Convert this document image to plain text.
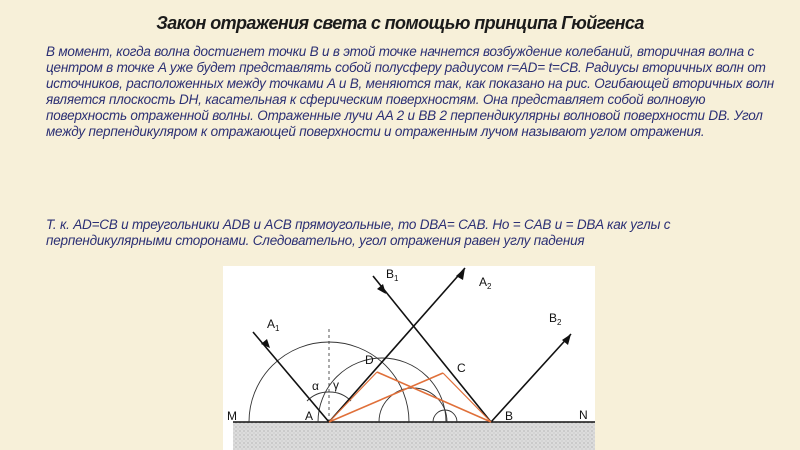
Закон отражения света с помощью принципа Гюйгенса
В момент, когда волна достигнет точки B и в этой точке начнется возбуждение колебаний, вторичная волна с центром в точке A уже будет представлять собой полусферу радиусом r=AD= t=CB. Радиусы вторичных волн от источников, расположенных между точками A и B, меняются так, как показано на рис. Огибающей вторичных волн является плоскость DH, касательная к сферическим поверхностям. Она представляет собой волновую поверхность отраженной волны. Отраженные лучи AA 2 и BB 2 перпендикулярны волновой поверхности DB. Угол между перпендикуляром к отражающей поверхности и отраженным лучом называют углом отражения.
Т. к. AD=CB и треугольники ADB и ACB прямоугольные, то DBA= CAB. Но = CAB и = DBA как углы с перпендикулярными сторонами. Следовательно, угол отражения равен углу падения
$A_1$
$B_1$	$A_2$
$B_2$
D
C
α γ
M	A	B	N
